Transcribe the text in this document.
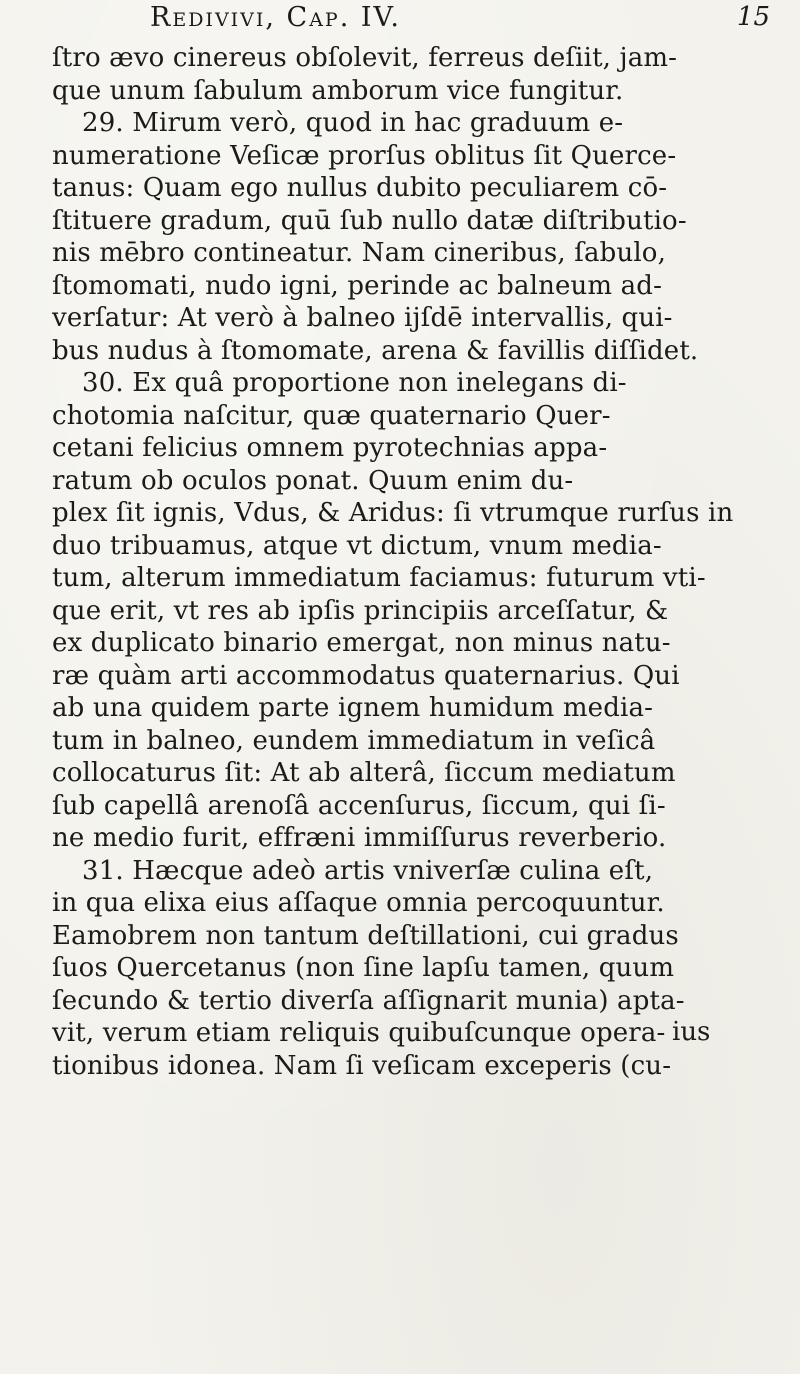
Redivivi, Cap. IV.	15
ſtro ævo cinereus obſolevit, ferreus deſiit, jam-
que unum ſabulum amborum vice fungitur.
29. Mirum verò, quod in hac graduum e-
numeratione Veſicæ prorſus oblitus ſit Querce-
tanus: Quam ego nullus dubito peculiarem cō-
ſtituere gradum, quū ſub nullo datæ diſtributio-
nis mēbro contineatur. Nam cineribus, ſabulo,
ſtomomati, nudo igni, perinde ac balneum ad-
verſatur: At verò à balneo ijſdē intervallis, qui-
bus nudus à ſtomomate, arena & favillis diſſidet.
30. Ex quâ proportione non inelegans di-
chotomia naſcitur, quæ quaternario Quer-
cetani felicius omnem pyrotechnias appa-
ratum ob oculos ponat. Quum enim du-
plex ſit ignis, Vdus, & Aridus: ſi vtrumque rurſus in
duo tribuamus, atque vt dictum, vnum media-
tum, alterum immediatum faciamus: futurum vti-
que erit, vt res ab ipſis principiis arceſſatur, &
ex duplicato binario emergat, non minus natu-
ræ quàm arti accommodatus quaternarius. Qui
ab una quidem parte ignem humidum media-
tum in balneo, eundem immediatum in veſicâ
collocaturus ſit: At ab alterâ, ſiccum mediatum
ſub capellâ arenoſâ accenſurus, ſiccum, qui ſi-
ne medio furit, effræni immiſſurus reverberio.
31. Hæcque adeò artis vniverſæ culina eſt,
in qua elixa eius aſſaque omnia percoquuntur.
Eamobrem non tantum deſtillationi, cui gradus
ſuos Quercetanus (non ſine lapſu tamen, quum
ſecundo & tertio diverſa aſſignarit munia) apta-
vit, verum etiam reliquis quibuſcunque opera-
tionibus idonea. Nam ſi veſicam exceperis (cu-
ius
